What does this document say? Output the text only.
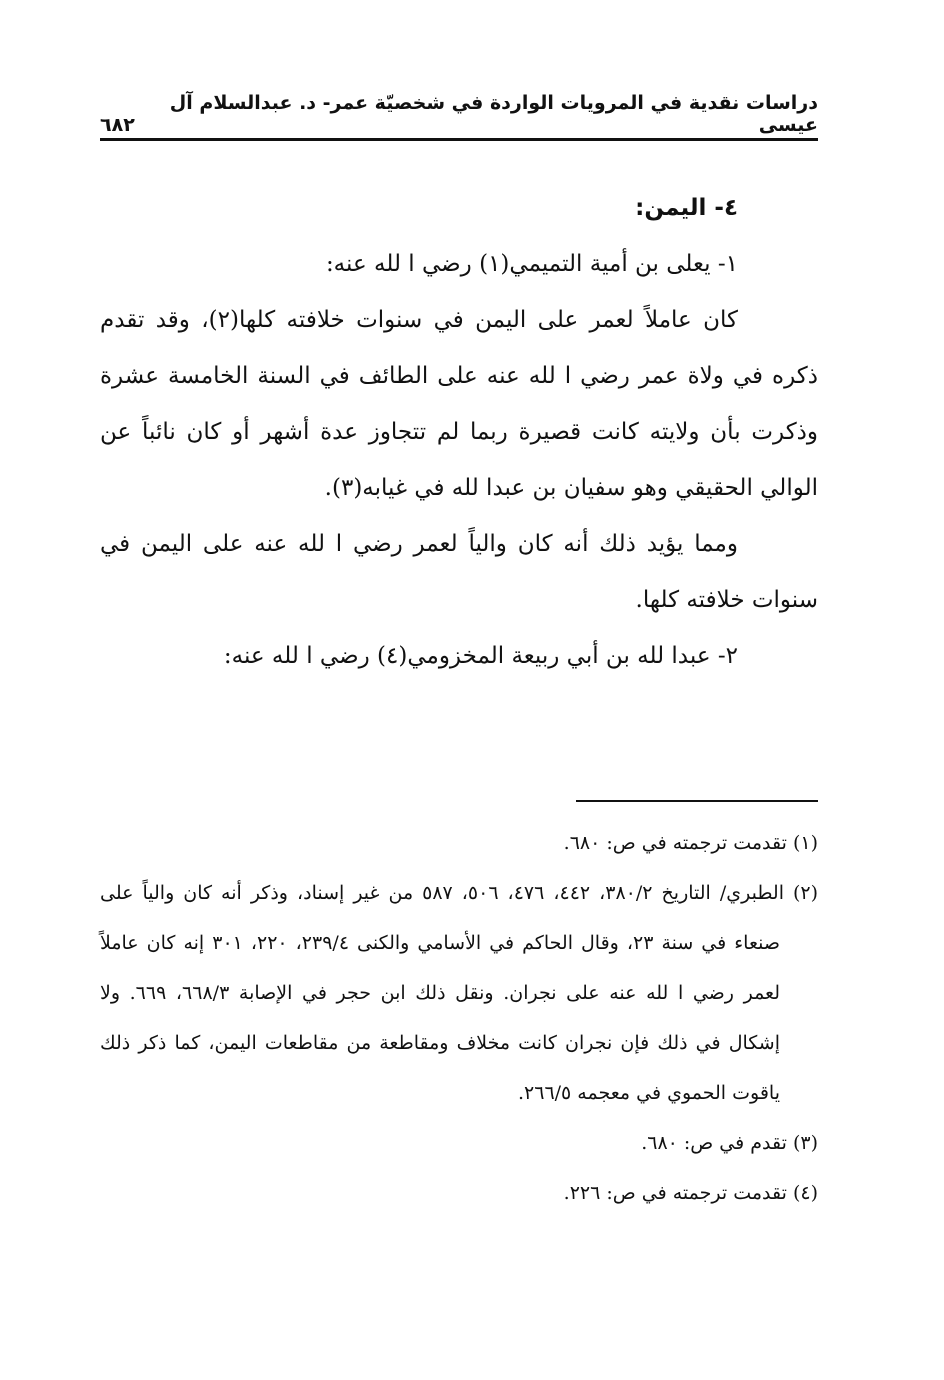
دراسات نقدية في المرويات الواردة في شخصيّة عمر- د. عبدالسلام آل عيسى
٦٨٢

٤- اليمن:

١- يعلى بن أمية التميمي(١) رضي ا لله عنه:

كان عاملاً لعمر على اليمن في سنوات خلافته كلها(٢)، وقد تقدم ذكره في ولاة عمر رضي ا لله عنه على الطائف في السنة الخامسة عشرة وذكرت بأن ولايته كانت قصيرة ربما لم تتجاوز عدة أشهر أو كان نائباً عن الوالي الحقيقي وهو سفيان بن عبدا لله في غيابه(٣).

ومما يؤيد ذلك أنه كان والياً لعمر رضي ا لله عنه على اليمن في سنوات خلافته كلها.

٢- عبدا لله بن أبي ربيعة المخزومي(٤) رضي ا لله عنه:

(١) تقدمت ترجمته في ص: ٦٨٠.

(٢) الطبري/ التاريخ ٣٨٠/٢، ٤٤٢، ٤٧٦، ٥٠٦، ٥٨٧ من غير إسناد، وذكر أنه كان والياً على صنعاء في سنة ٢٣، وقال الحاكم في الأسامي والكنى ٢٣٩/٤، ٢٢٠، ٣٠١ إنه كان عاملاً لعمر رضي ا لله عنه على نجران. ونقل ذلك ابن حجر في الإصابة ٦٦٨/٣، ٦٦٩. ولا إشكال في ذلك فإن نجران كانت مخلاف ومقاطعة من مقاطعات اليمن، كما ذكر ذلك ياقوت الحموي في معجمه ٢٦٦/٥.

(٣) تقدم في ص: ٦٨٠.

(٤) تقدمت ترجمته في ص: ٢٢٦.
